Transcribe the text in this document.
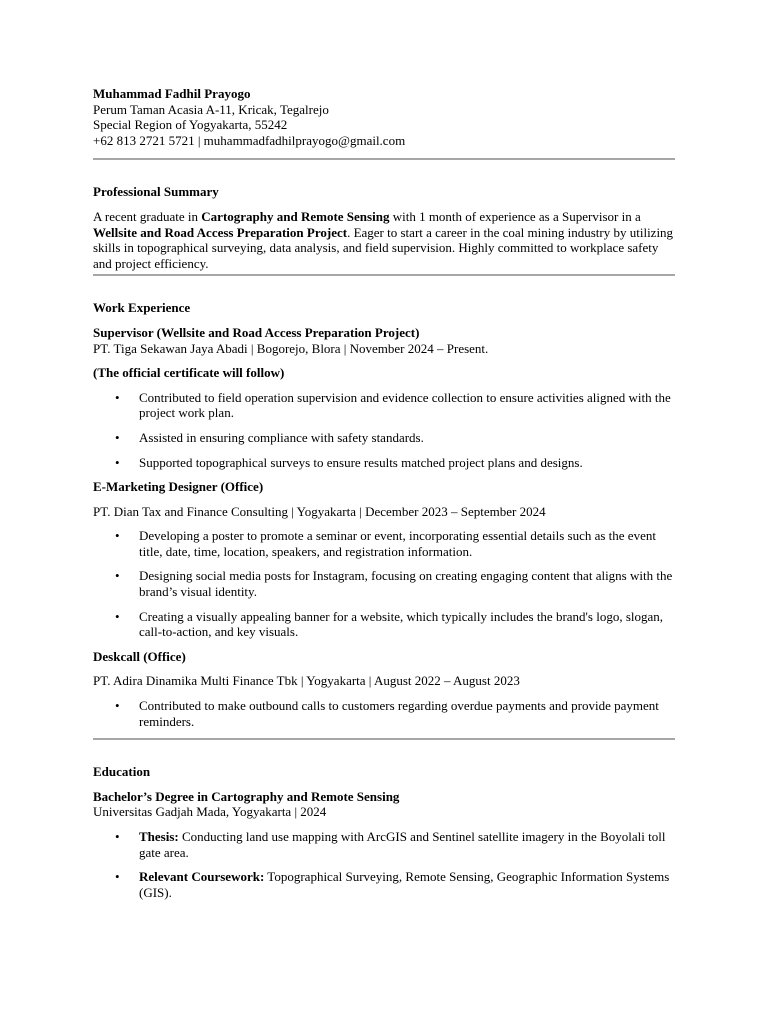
Muhammad Fadhil Prayogo

Perum Taman Acasia A-11, Kricak, Tegalrejo

Special Region of Yogyakarta, 55242

+62 813 2721 5721 | muhammadfadhilprayogo@gmail.com

Professional Summary

A recent graduate in Cartography and Remote Sensing with 1 month of experience as a Supervisor in a Wellsite and Road Access Preparation Project. Eager to start a career in the coal mining industry by utilizing skills in topographical surveying, data analysis, and field supervision. Highly committed to workplace safety and project efficiency.

Work Experience

Supervisor (Wellsite and Road Access Preparation Project)

PT. Tiga Sekawan Jaya Abadi | Bogorejo, Blora | November 2024 – Present.

(The official certificate will follow)

• Contributed to field operation supervision and evidence collection to ensure activities aligned with the project work plan.
• Assisted in ensuring compliance with safety standards.
• Supported topographical surveys to ensure results matched project plans and designs.

E-Marketing Designer (Office)

PT. Dian Tax and Finance Consulting | Yogyakarta | December 2023 – September 2024

• Developing a poster to promote a seminar or event, incorporating essential details such as the event title, date, time, location, speakers, and registration information.
• Designing social media posts for Instagram, focusing on creating engaging content that aligns with the brand’s visual identity.
• Creating a visually appealing banner for a website, which typically includes the brand's logo, slogan, call-to-action, and key visuals.

Deskcall (Office)

PT. Adira Dinamika Multi Finance Tbk | Yogyakarta | August 2022 – August 2023

• Contributed to make outbound calls to customers regarding overdue payments and provide payment reminders.

Education

Bachelor’s Degree in Cartography and Remote Sensing

Universitas Gadjah Mada, Yogyakarta | 2024

• Thesis: Conducting land use mapping with ArcGIS and Sentinel satellite imagery in the Boyolali toll gate area.
• Relevant Coursework: Topographical Surveying, Remote Sensing, Geographic Information Systems (GIS).
